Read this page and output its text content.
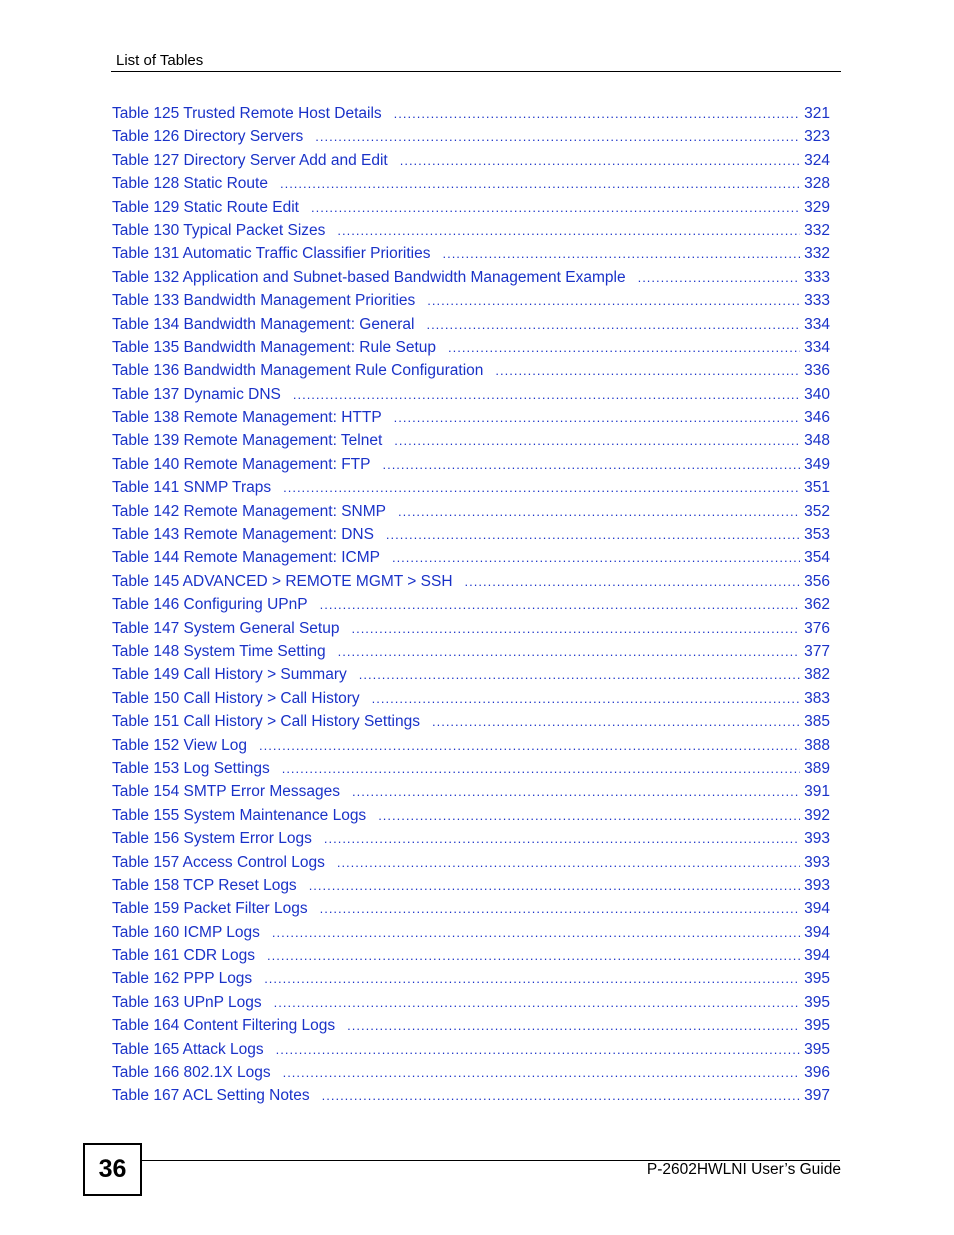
List of Tables
Table 125 Trusted Remote Host Details .....	321
Table 126 Directory Servers .....	323
Table 127 Directory Server Add and Edit .....	324
Table 128 Static Route .....	328
Table 129 Static Route Edit .....	329
Table 130 Typical Packet Sizes .....	332
Table 131 Automatic Traffic Classifier Priorities .....	332
Table 132 Application and Subnet-based Bandwidth Management Example .....	333
Table 133 Bandwidth Management Priorities .....	333
Table 134 Bandwidth Management: General .....	334
Table 135 Bandwidth Management: Rule Setup .....	334
Table 136 Bandwidth Management Rule Configuration .....	336
Table 137 Dynamic DNS .....	340
Table 138 Remote Management: HTTP .....	346
Table 139 Remote Management: Telnet .....	348
Table 140 Remote Management: FTP .....	349
Table 141 SNMP Traps .....	351
Table 142 Remote Management: SNMP .....	352
Table 143 Remote Management: DNS .....	353
Table 144 Remote Management: ICMP .....	354
Table 145 ADVANCED > REMOTE MGMT > SSH .....	356
Table 146 Configuring UPnP .....	362
Table 147 System General Setup .....	376
Table 148 System Time Setting .....	377
Table 149 Call History > Summary .....	382
Table 150 Call History > Call History .....	383
Table 151 Call History > Call History Settings .....	385
Table 152 View Log .....	388
Table 153 Log Settings .....	389
Table 154 SMTP Error Messages .....	391
Table 155 System Maintenance Logs .....	392
Table 156 System Error Logs .....	393
Table 157 Access Control Logs .....	393
Table 158 TCP Reset Logs .....	393
Table 159 Packet Filter Logs .....	394
Table 160 ICMP Logs .....	394
Table 161 CDR Logs .....	394
Table 162 PPP Logs .....	395
Table 163 UPnP Logs .....	395
Table 164 Content Filtering Logs .....	395
Table 165 Attack Logs .....	395
Table 166 802.1X Logs .....	396
Table 167 ACL Setting Notes .....	397
36	P-2602HWLNI User’s Guide
